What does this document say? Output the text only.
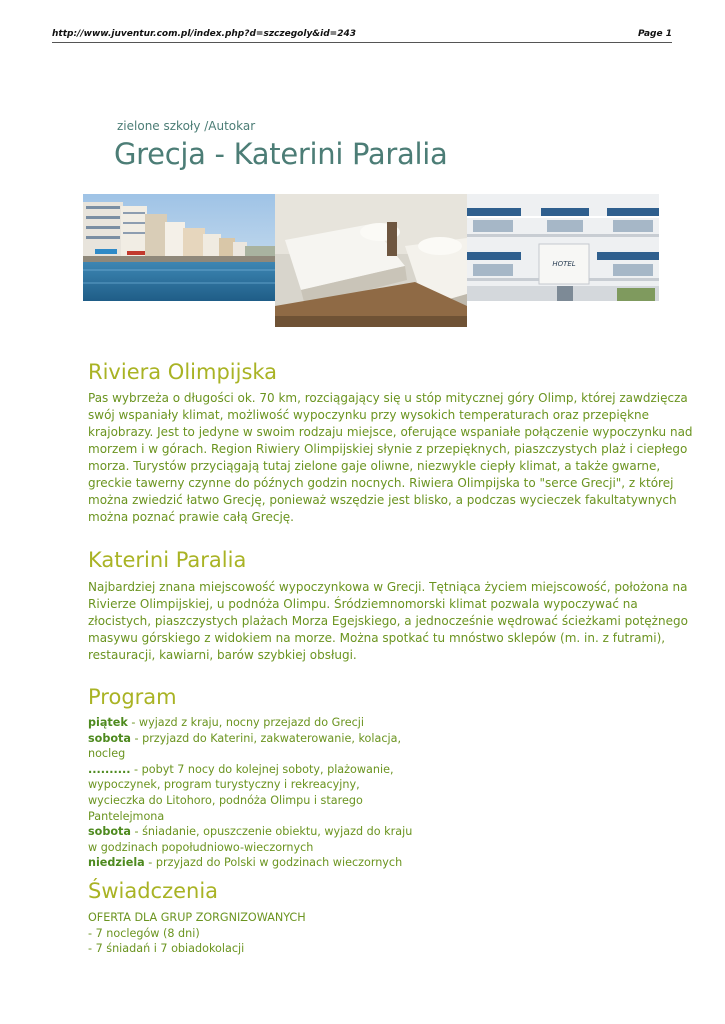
http://www.juventur.com.pl/index.php?d=szczegoly&id=243	Page 1
zielone szkoły /Autokar
Grecja - Katerini Paralia
HOTEL
Riviera Olimpijska
Pas wybrzeża o długości ok. 70 km, rozciągający się u stóp mitycznej góry Olimp, której zawdzięcza
swój wspaniały klimat, możliwość wypoczynku przy wysokich temperaturach oraz przepiękne
krajobrazy. Jest to jedyne w swoim rodzaju miejsce, oferujące wspaniałe połączenie wypoczynku nad
morzem i w górach. Region Riwiery Olimpijskiej słynie z przepięknych, piaszczystych plaż i ciepłego
morza. Turystów przyciągają tutaj zielone gaje oliwne, niezwykle ciepły klimat, a także gwarne,
greckie tawerny czynne do późnych godzin nocnych. Riwiera Olimpijska to "serce Grecji", z której
można zwiedzić łatwo Grecję, ponieważ wszędzie jest blisko, a podczas wycieczek fakultatywnych
można poznać prawie całą Grecję.
Katerini Paralia
Najbardziej znana miejscowość wypoczynkowa w Grecji. Tętniąca życiem miejscowość, położona na
Rivierze Olimpijskiej, u podnóża Olimpu. Śródziemnomorski klimat pozwala wypoczywać na
złocistych, piaszczystych plażach Morza Egejskiego, a jednocześnie wędrować ścieżkami potężnego
masywu górskiego z widokiem na morze. Można spotkać tu mnóstwo sklepów (m. in. z futrami),
restauracji, kawiarni, barów szybkiej obsługi.
Program
piątek - wyjazd z kraju, nocny przejazd do Grecji
sobota - przyjazd do Katerini, zakwaterowanie, kolacja, nocleg
.......... - pobyt 7 nocy do kolejnej soboty, plażowanie, wypoczynek, program turystyczny i rekreacyjny, wycieczka do Litohoro, podnóża Olimpu i starego Pantelejmona
sobota - śniadanie, opuszczenie obiektu, wyjazd do kraju w godzinach popołudniowo-wieczornych
niedziela - przyjazd do Polski w godzinach wieczornych
Świadczenia
OFERTA DLA GRUP ZORGNIZOWANYCH
- 7 noclegów (8 dni)
- 7 śniadań i 7 obiadokolacji
